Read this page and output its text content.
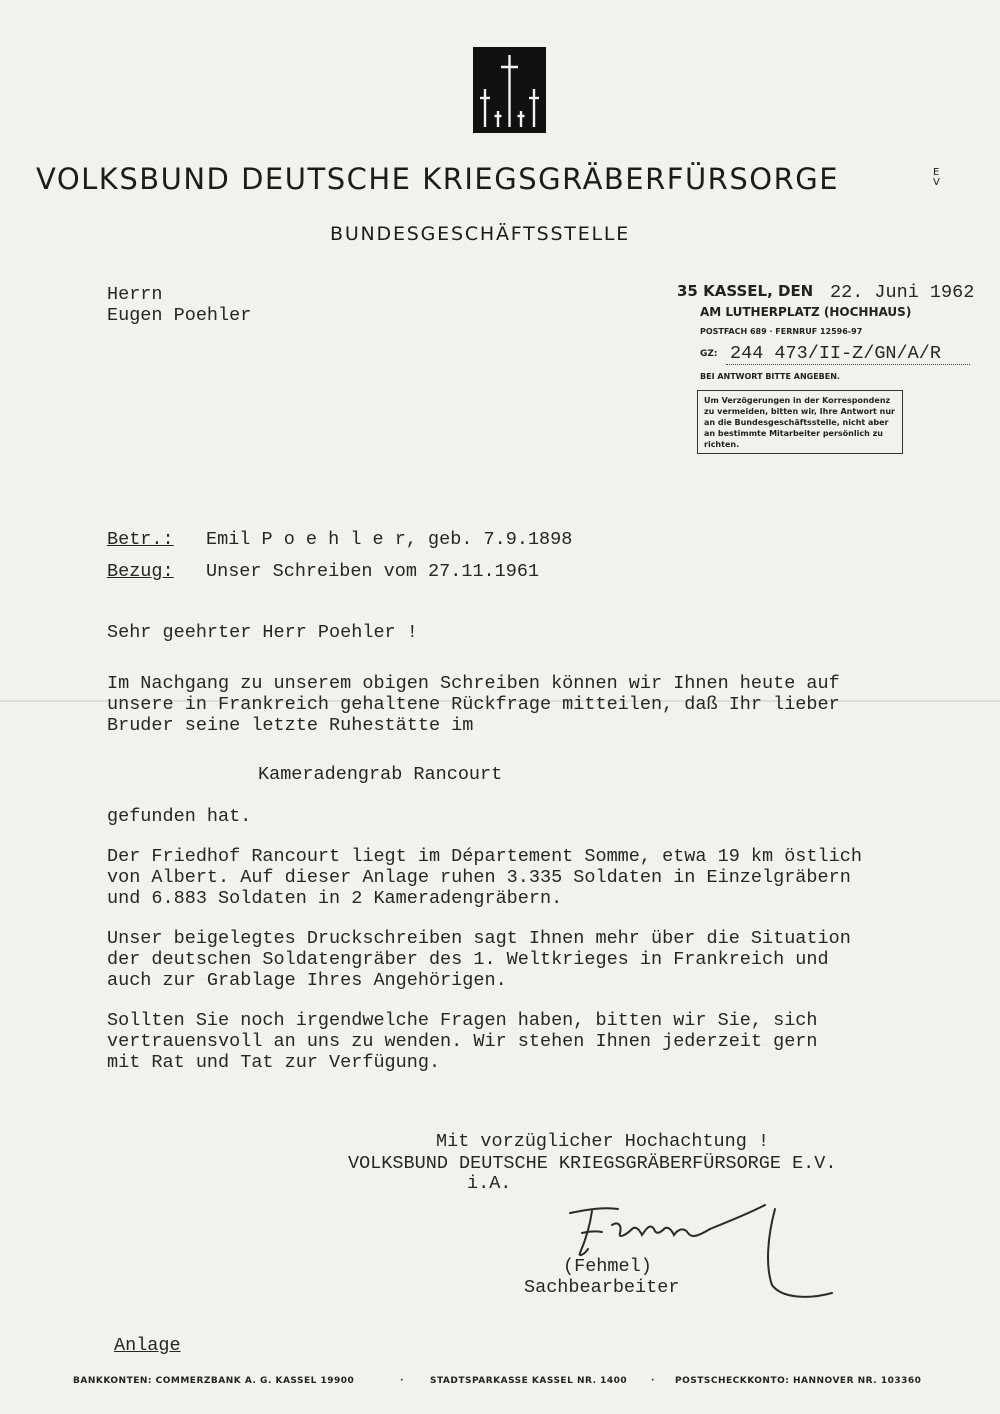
VOLKSBUND DEUTSCHE KRIEGSGRÄBERFÜRSORGE	E V
BUNDESGESCHÄFTSSTELLE
Herrn
Eugen Poehler
35 KASSEL, DEN 22. Juni 1962
AM LUTHERPLATZ (HOCHHAUS)
POSTFACH 689 · FERNRUF 12596-97
GZ: 244 473/II-Z/GN/A/R
BEI ANTWORT BITTE ANGEBEN.
Um Verzögerungen in der Korrespondenz zu vermeiden, bitten wir, Ihre Antwort nur an die Bundesgeschäftsstelle, nicht aber an bestimmte Mitarbeiter persönlich zu richten.
Betr.: Emil P o e h l e r, geb. 7.9.1898
Bezug: Unser Schreiben vom 27.11.1961
Sehr geehrter Herr Poehler !
Im Nachgang zu unserem obigen Schreiben können wir Ihnen heute auf
unsere in Frankreich gehaltene Rückfrage mitteilen, daß Ihr lieber
Bruder seine letzte Ruhestätte im
Kameradengrab Rancourt
gefunden hat.
Der Friedhof Rancourt liegt im Département Somme, etwa 19 km östlich
von Albert. Auf dieser Anlage ruhen 3.335 Soldaten in Einzelgräbern
und 6.883 Soldaten in 2 Kameradengräbern.
Unser beigelegtes Druckschreiben sagt Ihnen mehr über die Situation
der deutschen Soldatengräber des 1. Weltkrieges in Frankreich und
auch zur Grablage Ihres Angehörigen.
Sollten Sie noch irgendwelche Fragen haben, bitten wir Sie, sich
vertrauensvoll an uns zu wenden. Wir stehen Ihnen jederzeit gern
mit Rat und Tat zur Verfügung.
Mit vorzüglicher Hochachtung !
VOLKSBUND DEUTSCHE KRIEGSGRÄBERFÜRSORGE E.V.
i.A.
(Fehmel)
Sachbearbeiter
Anlage
BANKKONTEN: COMMERZBANK A. G. KASSEL 19900	·	STADTSPARKASSE KASSEL NR. 1400	· POSTSCHECKKONTO: HANNOVER NR. 103360
